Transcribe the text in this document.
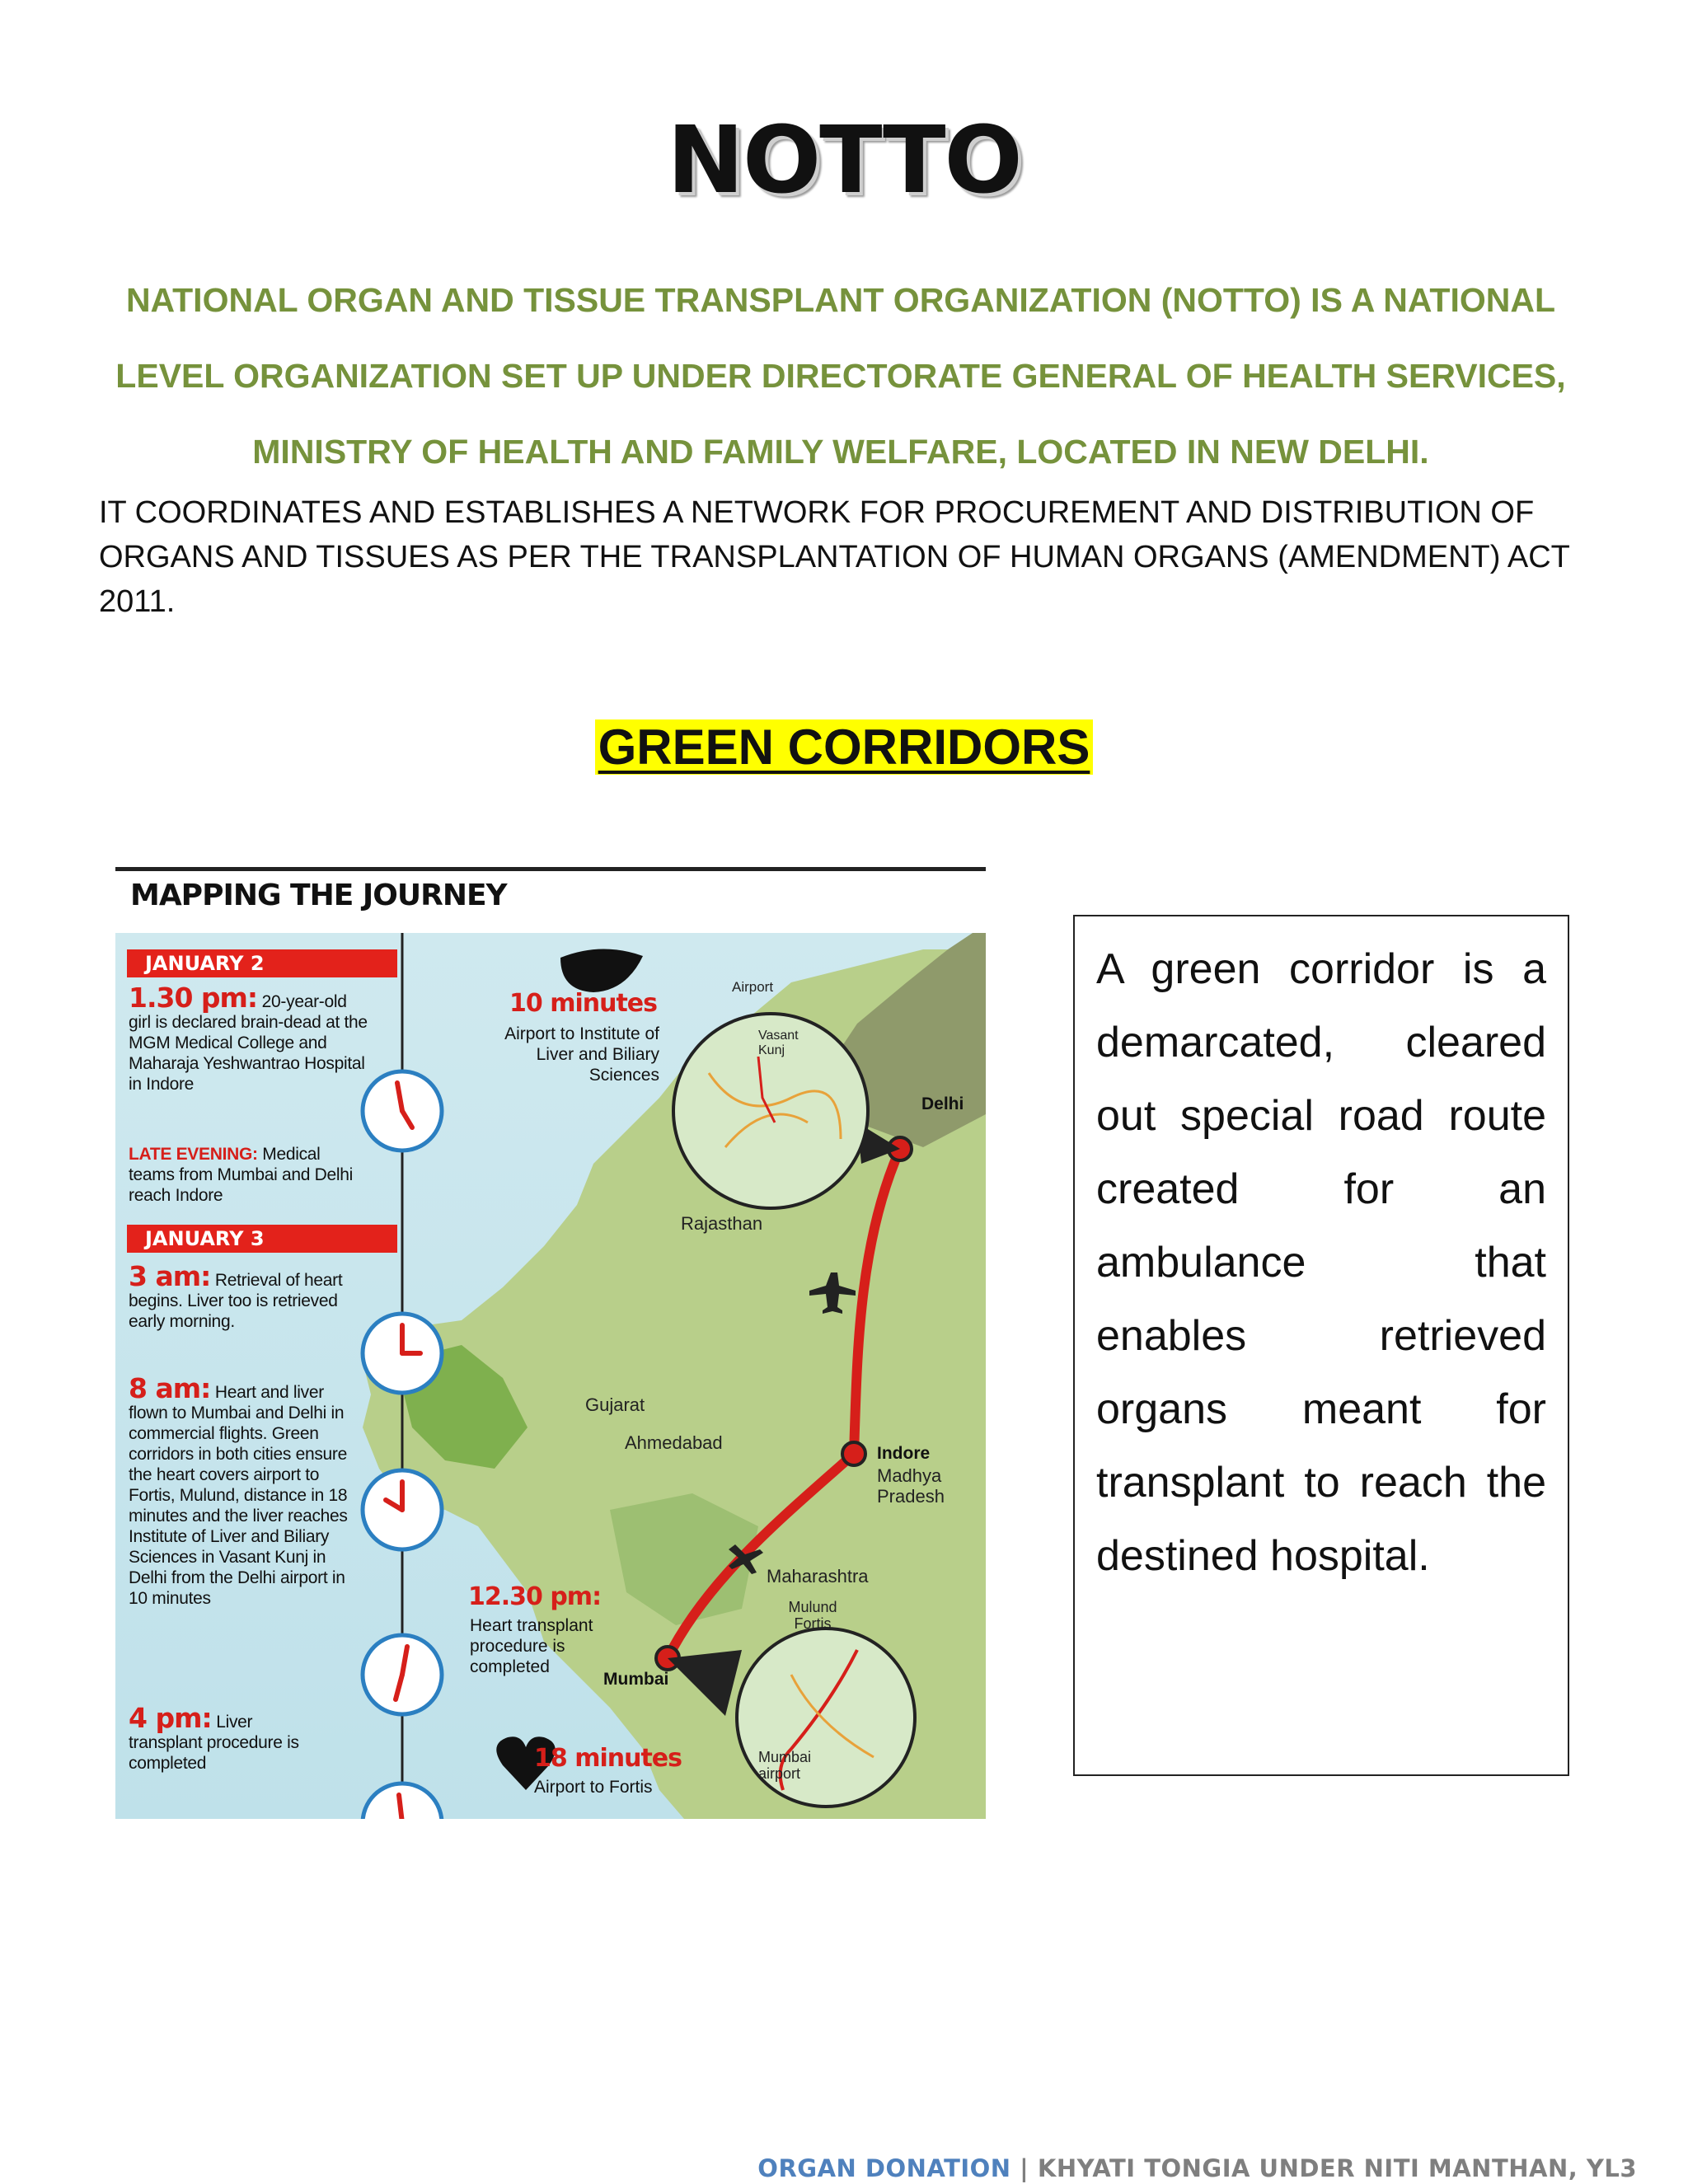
NOTTO
NATIONAL ORGAN AND TISSUE TRANSPLANT ORGANIZATION (NOTTO) IS A NATIONAL LEVEL ORGANIZATION SET UP UNDER DIRECTORATE GENERAL OF HEALTH SERVICES, MINISTRY OF HEALTH AND FAMILY WELFARE, LOCATED IN NEW DELHI.
IT COORDINATES AND ESTABLISHES A NETWORK FOR PROCUREMENT AND DISTRIBUTION OF ORGANS AND TISSUES AS PER THE TRANSPLANTATION OF HUMAN ORGANS (AMENDMENT) ACT 2011.
GREEN CORRIDORS
MAPPING THE JOURNEY
JANUARY 2
JANUARY 3
1.30 pm: 20-year-old girl is declared brain-dead at the MGM Medical College and Maharaja Yeshwantrao Hospital in Indore
LATE EVENING: Medical teams from Mumbai and Delhi reach Indore
3 am: Retrieval of heart begins. Liver too is retrieved early morning.
8 am: Heart and liver flown to Mumbai and Delhi in commercial flights. Green corridors in both cities ensure the heart covers airport to Fortis, Mulund, distance in 18 minutes and the liver reaches Institute of Liver and Biliary Sciences in Vasant Kunj in Delhi from the Delhi airport in 10 minutes
4 pm: Liver transplant procedure is completed
10 minutes
Airport to Institute of Liver and Biliary Sciences
12.30 pm:
Heart transplant procedure is completed
18 minutes
Airport to Fortis
Airport
Vasant Kunj
Delhi
Rajasthan
Gujarat
Ahmedabad
Indore
Madhya Pradesh
Maharashtra
Mumbai
Mulund Fortis
Mumbai airport
A green corridor is a demarcated, cleared out special road route created for an ambulance that enables retrieved organs meant for transplant to reach the destined hospital.
ORGAN DONATION | KHYATI TONGIA UNDER NITI MANTHAN, YL3
